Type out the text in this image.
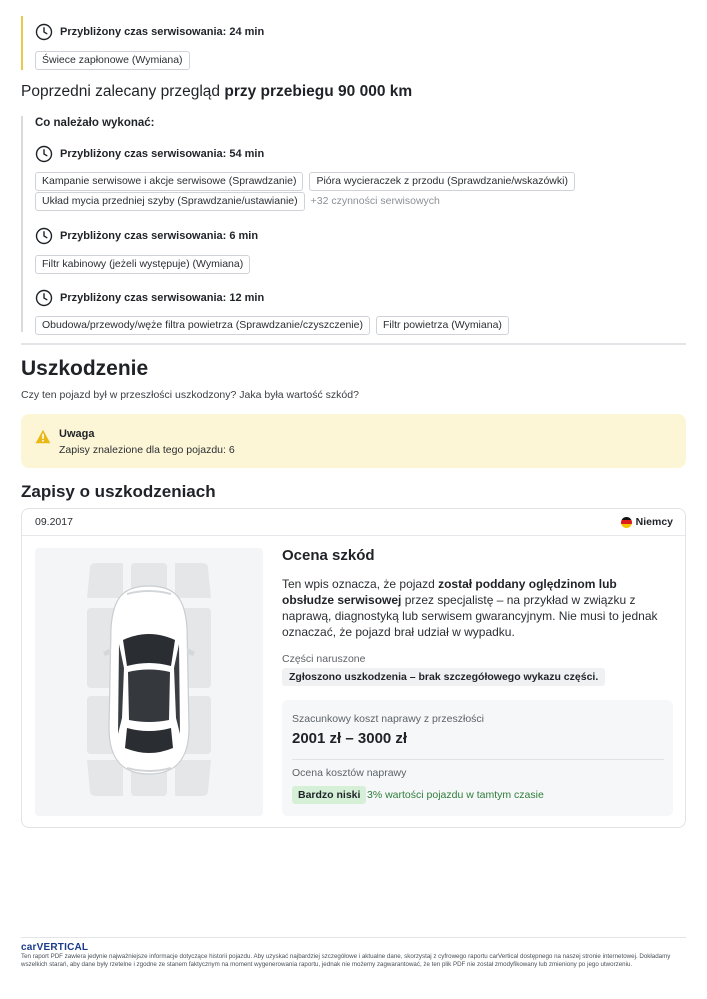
Przybliżony czas serwisowania: 24 min
Świece zapłonowe (Wymiana)
Poprzedni zalecany przegląd przy przebiegu 90 000 km
Co należało wykonać:
Przybliżony czas serwisowania: 54 min
Kampanie serwisowe i akcje serwisowe (Sprawdzanie)	Pióra wycieraczek z przodu (Sprawdzanie/wskazówki)
Układ mycia przedniej szyby (Sprawdzanie/ustawianie)	+32 czynności serwisowych
Przybliżony czas serwisowania: 6 min
Filtr kabinowy (jeżeli występuje) (Wymiana)
Przybliżony czas serwisowania: 12 min
Obudowa/przewody/węże filtra powietrza (Sprawdzanie/czyszczenie)	Filtr powietrza (Wymiana)
Uszkodzenie
Czy ten pojazd był w przeszłości uszkodzony? Jaka była wartość szkód?
Uwaga
Zapisy znalezione dla tego pojazdu: 6
Zapisy o uszkodzeniach
09.2017	Niemcy
Ocena szkód
Ten wpis oznacza, że pojazd został poddany oględzinom lub obsłudze serwisowej przez specjalistę – na przykład w związku z naprawą, diagnostyką lub serwisem gwarancyjnym. Nie musi to jednak oznaczać, że pojazd brał udział w wypadku.
Części naruszone
Zgłoszono uszkodzenia – brak szczegółowego wykazu części.
Szacunkowy koszt naprawy z przeszłości
2001 zł – 3000 zł
Ocena kosztów naprawy
Bardzo niski 3% wartości pojazdu w tamtym czasie
carVERTICAL
Ten raport PDF zawiera jedynie najważniejsze informacje dotyczące historii pojazdu. Aby uzyskać najbardziej szczegółowe i aktualne dane, skorzystaj z cyfrowego raportu carVertical dostępnego na naszej stronie internetowej. Dokładamy wszelkich starań, aby dane były rzetelne i zgodne ze stanem faktycznym na moment wygenerowania raportu, jednak nie możemy zagwarantować, że ten plik PDF nie został zmodyfikowany lub zmieniony po jego utworzeniu.
